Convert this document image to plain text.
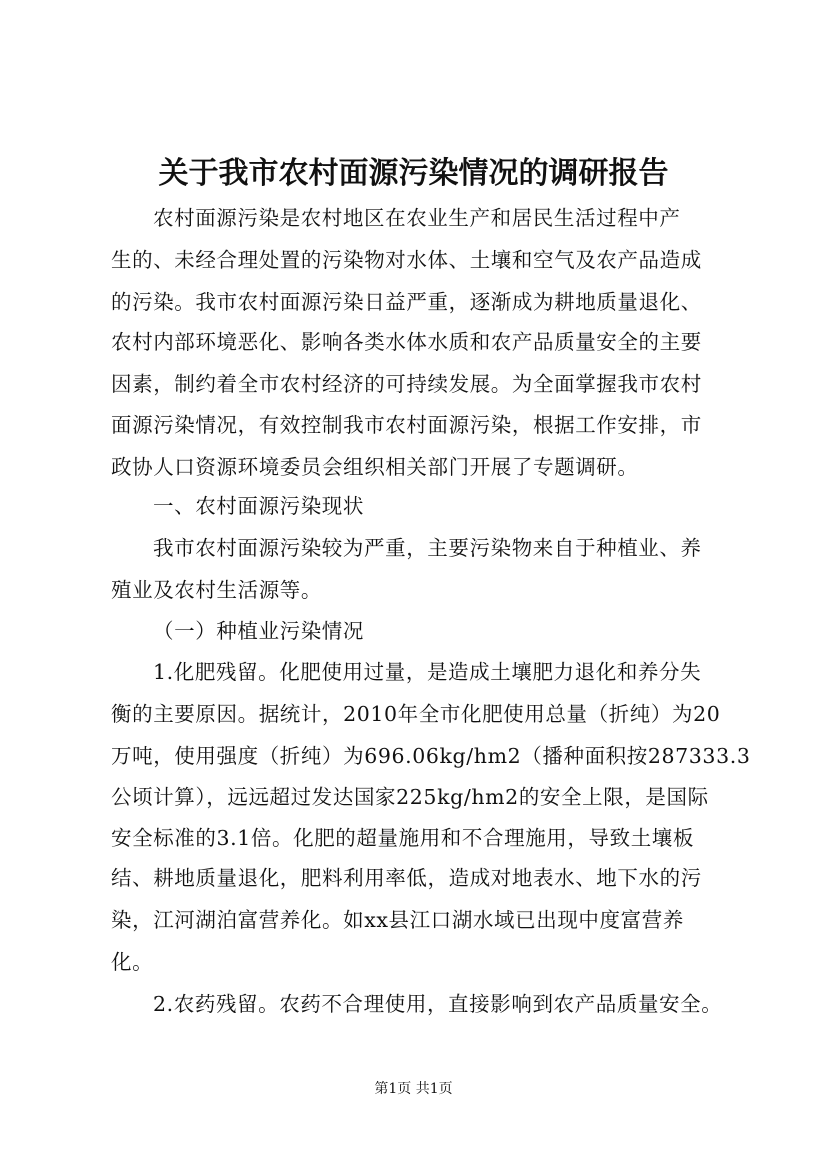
关于我市农村面源污染情况的调研报告
农村面源污染是农村地区在农业生产和居民生活过程中产
生的、未经合理处置的污染物对水体、土壤和空气及农产品造成
的污染。我市农村面源污染日益严重，逐渐成为耕地质量退化、
农村内部环境恶化、影响各类水体水质和农产品质量安全的主要
因素，制约着全市农村经济的可持续发展。为全面掌握我市农村
面源污染情况，有效控制我市农村面源污染，根据工作安排，市
政协人口资源环境委员会组织相关部门开展了专题调研。
一、农村面源污染现状
我市农村面源污染较为严重，主要污染物来自于种植业、养
殖业及农村生活源等。
（一）种植业污染情况
1.化肥残留。化肥使用过量，是造成土壤肥力退化和养分失
衡的主要原因。据统计，2010年全市化肥使用总量（折纯）为20
万吨，使用强度（折纯）为696.06kg/hm2（播种面积按287333.3
公顷计算），远远超过发达国家225kg/hm2的安全上限，是国际
安全标准的3.1倍。化肥的超量施用和不合理施用，导致土壤板
结、耕地质量退化，肥料利用率低，造成对地表水、地下水的污
染，江河湖泊富营养化。如xx县江口湖水域已出现中度富营养
化。
2.农药残留。农药不合理使用，直接影响到农产品质量安全。
第1页 共1页
